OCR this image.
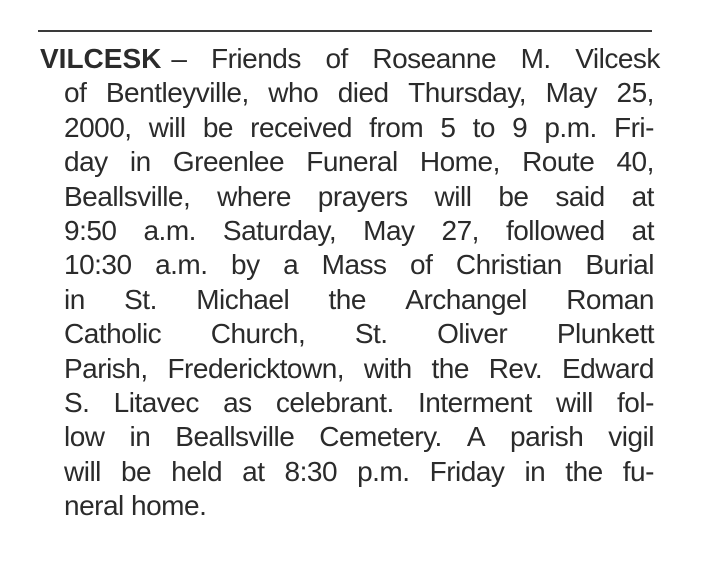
VILCESK – Friends of Roseanne M. Vilcesk
of Bentleyville, who died Thursday, May 25,
2000, will be received from 5 to 9 p.m. Fri-
day in Greenlee Funeral Home, Route 40,
Beallsville, where prayers will be said at
9:50 a.m. Saturday, May 27, followed at
10:30 a.m. by a Mass of Christian Burial
in St. Michael the Archangel Roman
Catholic Church, St. Oliver Plunkett
Parish, Fredericktown, with the Rev. Edward
S. Litavec as celebrant. Interment will fol-
low in Beallsville Cemetery. A parish vigil
will be held at 8:30 p.m. Friday in the fu-
neral home.
